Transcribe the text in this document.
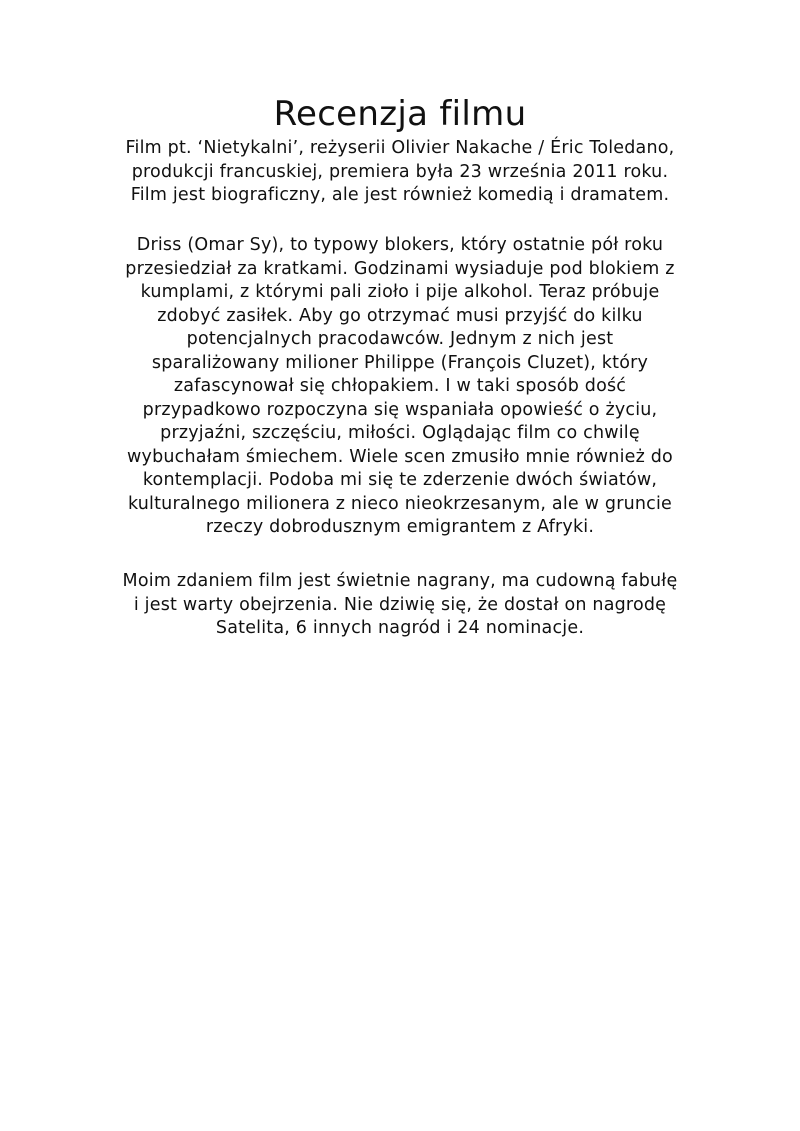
Recenzja filmu

Film pt. ‘Nietykalni’, reżyserii Olivier Nakache / Éric Toledano,
produkcji francuskiej, premiera była 23 września 2011 roku.
Film jest biograficzny, ale jest również komedią i dramatem.

Driss (Omar Sy), to typowy blokers, który ostatnie pół roku
przesiedział za kratkami. Godzinami wysiaduje pod blokiem z
kumplami, z którymi pali zioło i pije alkohol. Teraz próbuje
zdobyć zasiłek. Aby go otrzymać musi przyjść do kilku
potencjalnych pracodawców. Jednym z nich jest
sparaliżowany milioner Philippe (François Cluzet), który
zafascynował się chłopakiem. I w taki sposób dość
przypadkowo rozpoczyna się wspaniała opowieść o życiu,
przyjaźni, szczęściu, miłości. Oglądając film co chwilę
wybuchałam śmiechem. Wiele scen zmusiło mnie również do
kontemplacji. Podoba mi się te zderzenie dwóch światów,
kulturalnego milionera z nieco nieokrzesanym, ale w gruncie
rzeczy dobrodusznym emigrantem z Afryki.

Moim zdaniem film jest świetnie nagrany, ma cudowną fabułę
i jest warty obejrzenia. Nie dziwię się, że dostał on nagrodę
Satelita, 6 innych nagród i 24 nominacje.
